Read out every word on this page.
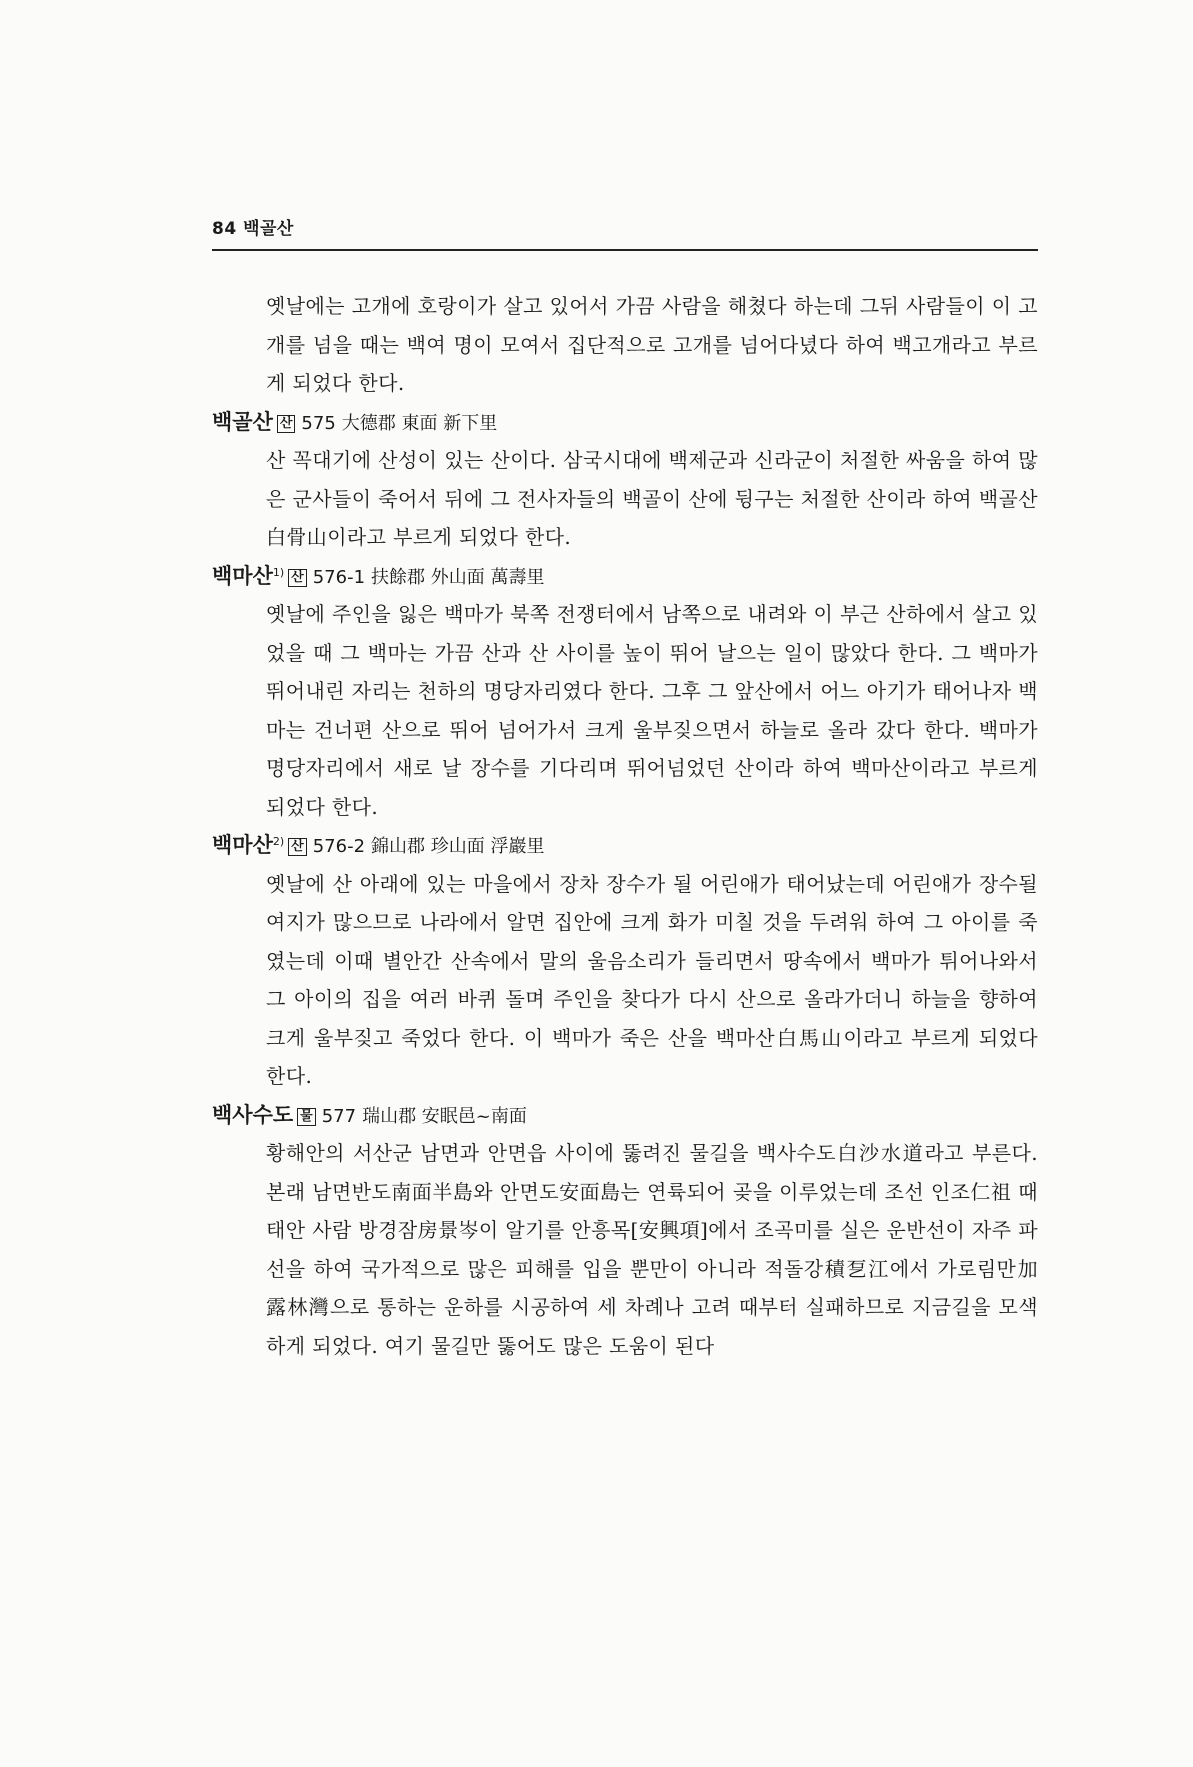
84 백골산

옛날에는 고개에 호랑이가 살고 있어서 가끔 사람을 해쳤다 하는데 그뒤 사람들이 이 고개를 넘을 때는 백여 명이 모여서 집단적으로 고개를 넘어다녔다 하여 백고개라고 부르게 되었다 한다.

백골산 산 575 大德郡 東面 新下里

산 꼭대기에 산성이 있는 산이다. 삼국시대에 백제군과 신라군이 처절한 싸움을 하여 많은 군사들이 죽어서 뒤에 그 전사자들의 백골이 산에 뒹구는 처절한 산이라 하여 백골산白骨山이라고 부르게 되었다 한다.

백마산$^{1)}$ 산 576-1 扶餘郡 外山面 萬壽里

옛날에 주인을 잃은 백마가 북쪽 전쟁터에서 남쪽으로 내려와 이 부근 산하에서 살고 있었을 때 그 백마는 가끔 산과 산 사이를 높이 뛰어 날으는 일이 많았다 한다. 그 백마가 뛰어내린 자리는 천하의 명당자리였다 한다. 그후 그 앞산에서 어느 아기가 태어나자 백마는 건너편 산으로 뛰어 넘어가서 크게 울부짖으면서 하늘로 올라 갔다 한다. 백마가 명당자리에서 새로 날 장수를 기다리며 뛰어넘었던 산이라 하여 백마산이라고 부르게 되었다 한다.

백마산$^{2)}$ 산 576-2 錦山郡 珍山面 浮巖里

옛날에 산 아래에 있는 마을에서 장차 장수가 될 어린애가 태어났는데 어린애가 장수될 여지가 많으므로 나라에서 알면 집안에 크게 화가 미칠 것을 두려워 하여 그 아이를 죽였는데 이때 별안간 산속에서 말의 울음소리가 들리면서 땅속에서 백마가 튀어나와서 그 아이의 집을 여러 바퀴 돌며 주인을 찾다가 다시 산으로 올라가더니 하늘을 향하여 크게 울부짖고 죽었다 한다. 이 백마가 죽은 산을 백마산白馬山이라고 부르게 되었다 한다.

백사수도 물 577 瑞山郡 安眠邑~南面

황해안의 서산군 남면과 안면읍 사이에 뚫려진 물길을 백사수도白沙水道라고 부른다. 본래 남면반도南面半島와 안면도安面島는 연륙되어 곶을 이루었는데 조선 인조仁祖 때 태안 사람 방경잠房景岑이 알기를 안흥목[安興項]에서 조곡미를 실은 운반선이 자주 파선을 하여 국가적으로 많은 피해를 입을 뿐만이 아니라 적돌강積乭江에서 가로림만加露林灣으로 통하는 운하를 시공하여 세 차례나 고려 때부터 실패하므로 지금길을 모색하게 되었다. 여기 물길만 뚫어도 많은 도움이 된다
